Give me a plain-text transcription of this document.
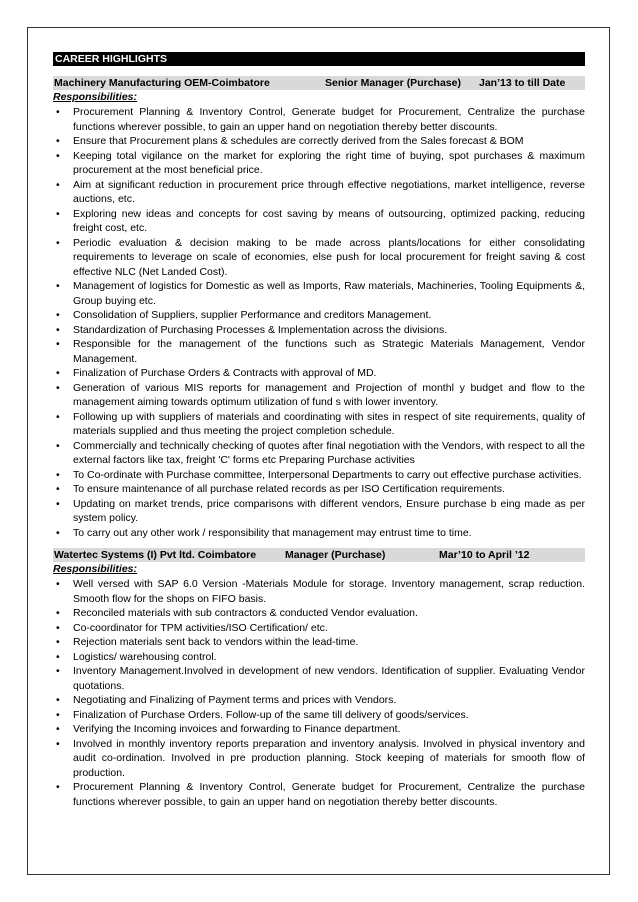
CAREER HIGHLIGHTS
Machinery Manufacturing OEM-Coimbatore	Senior Manager (Purchase) Jan’13 to till Date
Responsibilities:
• Procurement Planning & Inventory Control, Generate budget for Procurement, Centralize the purchase functions wherever possible, to gain an upper hand on negotiation thereby better discounts.
• Ensure that Procurement plans & schedules are correctly derived from the Sales forecast & BOM
• Keeping total vigilance on the market for exploring the right time of buying, spot purchases & maximum procurement at the most beneficial price.
• Aim at significant reduction in procurement price through effective negotiations, market intelligence, reverse auctions, etc.
• Exploring new ideas and concepts for cost saving by means of outsourcing, optimized packing, reducing freight cost, etc.
• Periodic evaluation & decision making to be made across plants/locations for either consolidating requirements to leverage on scale of economies, else push for local procurement for freight saving & cost effective NLC (Net Landed Cost).
• Management of logistics for Domestic as well as Imports, Raw materials, Machineries, Tooling Equipments &, Group buying etc.
• Consolidation of Suppliers, supplier Performance and creditors Management.
• Standardization of Purchasing Processes & Implementation across the divisions.
• Responsible for the management of the functions such as Strategic Materials Management, Vendor Management.
• Finalization of Purchase Orders & Contracts with approval of MD.
• Generation of various MIS reports for management and Projection of monthl y budget and flow to the management aiming towards optimum utilization of fund s with lower inventory.
• Following up with suppliers of materials and coordinating with sites in respect of site requirements, quality of materials supplied and thus meeting the project completion schedule.
• Commercially and technically checking of quotes after final negotiation with the Vendors, with respect to all the external factors like tax, freight 'C' forms etc Preparing Purchase activities
• To Co-ordinate with Purchase committee, Interpersonal Departments to carry out effective purchase activities.
• To ensure maintenance of all purchase related records as per ISO Certification requirements.
• Updating on market trends, price comparisons with different vendors, Ensure purchase b eing made as per system policy.
• To carry out any other work / responsibility that management may entrust time to time.
Watertec Systems (I) Pvt ltd. Coimbatore	Manager (Purchase)	Mar’10 to April ’12
Responsibilities:
• Well versed with SAP 6.0 Version -Materials Module for storage. Inventory management, scrap reduction. Smooth flow for the shops on FIFO basis.
• Reconciled materials with sub contractors & conducted Vendor evaluation.
• Co-coordinator for TPM activities/ISO Certification/ etc.
• Rejection materials sent back to vendors within the lead-time.
• Logistics/ warehousing control.
• Inventory Management.Involved in development of new vendors. Identification of supplier. Evaluating Vendor quotations.
• Negotiating and Finalizing of Payment terms and prices with Vendors.
• Finalization of Purchase Orders. Follow-up of the same till delivery of goods/services.
• Verifying the Incoming invoices and forwarding to Finance department.
• Involved in monthly inventory reports preparation and inventory analysis. Involved in physical inventory and audit co-ordination. Involved in pre production planning. Stock keeping of materials for smooth flow of production.
• Procurement Planning & Inventory Control, Generate budget for Procurement, Centralize the purchase functions wherever possible, to gain an upper hand on negotiation thereby better discounts.
